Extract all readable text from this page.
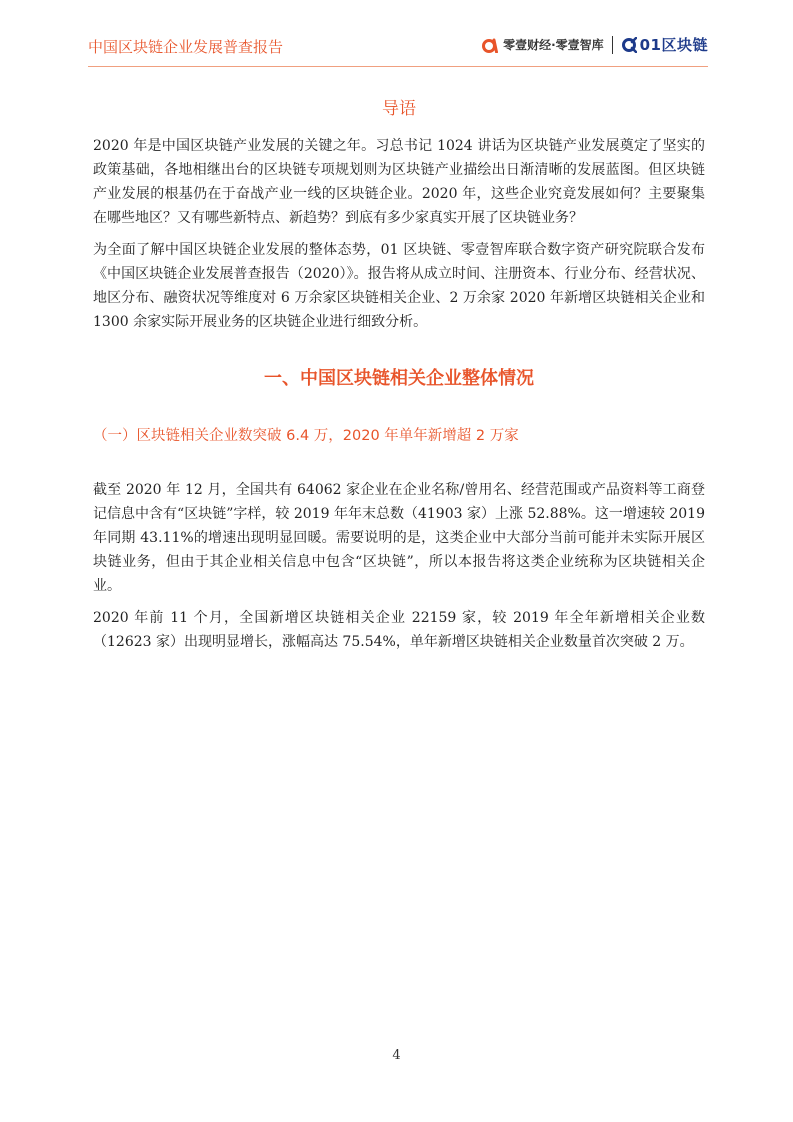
中国区块链企业发展普查报告	零壹财经·零壹智库 01区块链
导语

2020 年是中国区块链产业发展的关键之年。习总书记 1024 讲话为区块链产业发展奠定了坚实的政策基础，各地相继出台的区块链专项规划则为区块链产业描绘出日渐清晰的发展蓝图。但区块链产业发展的根基仍在于奋战产业一线的区块链企业。2020 年，这些企业究竟发展如何？主要聚集在哪些地区？又有哪些新特点、新趋势？到底有多少家真实开展了区块链业务？

为全面了解中国区块链企业发展的整体态势，01 区块链、零壹智库联合数字资产研究院联合发布《中国区块链企业发展普查报告（2020）》。报告将从成立时间、注册资本、行业分布、经营状况、地区分布、融资状况等维度对 6 万余家区块链相关企业、2 万余家 2020 年新增区块链相关企业和 1300 余家实际开展业务的区块链企业进行细致分析。

一、中国区块链相关企业整体情况
（一）区块链相关企业数突破 6.4 万，2020 年单年新增超 2 万家

截至 2020 年 12 月，全国共有 64062 家企业在企业名称/曾用名、经营范围或产品资料等工商登记信息中含有“区块链”字样，较 2019 年年末总数（41903 家）上涨 52.88%。这一增速较 2019 年同期 43.11%的增速出现明显回暖。需要说明的是，这类企业中大部分当前可能并未实际开展区块链业务，但由于其企业相关信息中包含“区块链”，所以本报告将这类企业统称为区块链相关企业。

2020 年前 11 个月，全国新增区块链相关企业 22159 家，较 2019 年全年新增相关企业数（12623 家）出现明显增长，涨幅高达 75.54%，单年新增区块链相关企业数量首次突破 2 万。

4
